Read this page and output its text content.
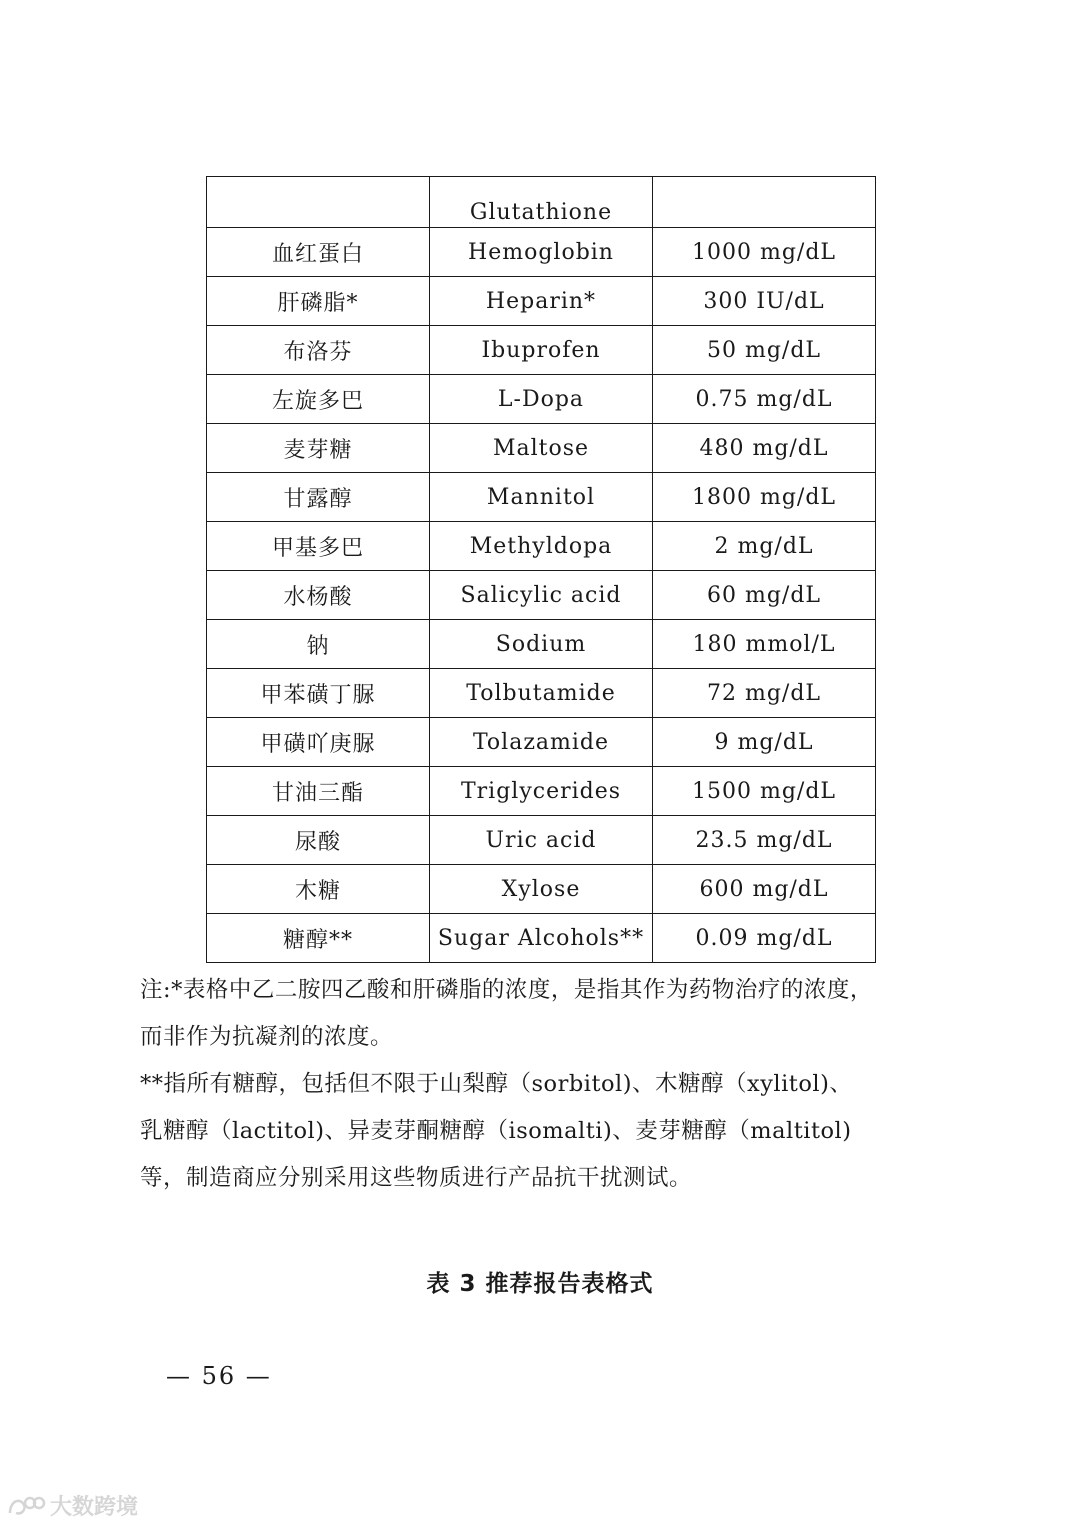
	Glutathione	
血红蛋白	Hemoglobin	1000 mg/dL
肝磷脂*	Heparin*	300 IU/dL
布洛芬	Ibuprofen	50 mg/dL
左旋多巴	L-Dopa	0.75 mg/dL
麦芽糖	Maltose	480 mg/dL
甘露醇	Mannitol	1800 mg/dL
甲基多巴	Methyldopa	2 mg/dL
水杨酸	Salicylic acid	60 mg/dL
钠	Sodium	180 mmol/L
甲苯磺丁脲	Tolbutamide	72 mg/dL
甲磺吖庚脲	Tolazamide	9 mg/dL
甘油三酯	Triglycerides	1500 mg/dL
尿酸	Uric acid	23.5 mg/dL
木糖	Xylose	600 mg/dL
糖醇**	Sugar Alcohols**	0.09 mg/dL
注:*表格中乙二胺四乙酸和肝磷脂的浓度，是指其作为药物治疗的浓度，
而非作为抗凝剂的浓度。
**指所有糖醇，包括但不限于山梨醇（sorbitol)、木糖醇（xylitol)、
乳糖醇（lactitol)、异麦芽酮糖醇（isomalti)、麦芽糖醇（maltitol)
等，制造商应分别采用这些物质进行产品抗干扰测试。
表 3 推荐报告表格式
— 56 —
大数跨境
